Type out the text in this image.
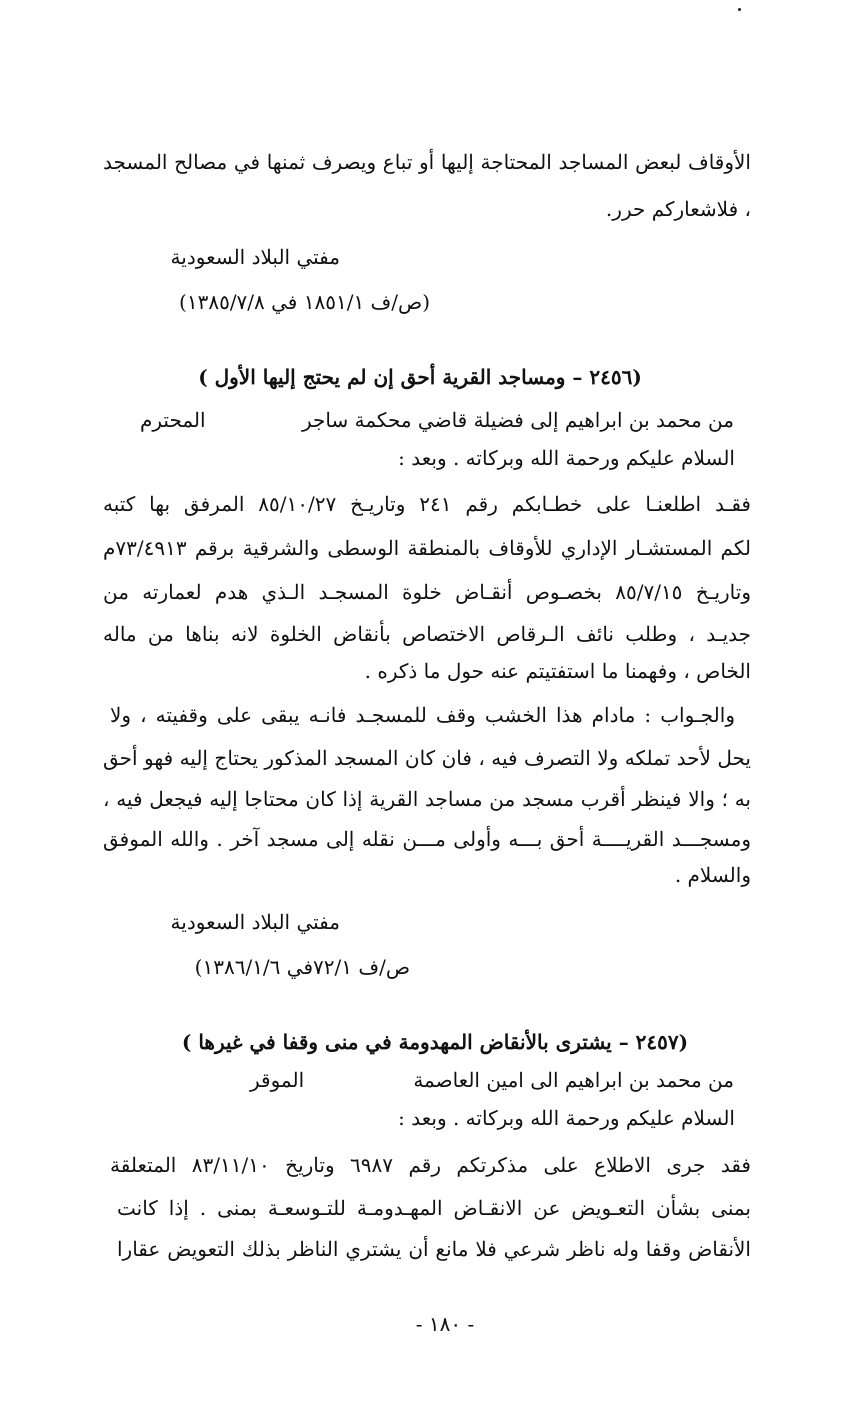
الأوقاف لبعض المساجد المحتاجة إليها أو تباع ويصرف ثمنها في مصالح المسجد
، فلاشعاركم حرر.
مفتي البلاد السعودية
(ص/ف ١٨٥١/١ في ١٣٨٥/٧/٨)
(٢٤٥٦ – ومساجد القرية أحق إن لم يحتج إليها الأول )
من محمد بن ابراهيم إلى فضيلة قاضي محكمة ساجر
المحترم
السلام عليكم ورحمة الله وبركاته . وبعد :
فقـد اطلعنـا على خطـابكم رقم ٢٤١ وتاريـخ ٨٥/١٠/٢٧ المرفق بها كتبه
لكم المستشـار الإداري للأوقاف بالمنطقة الوسطى والشرقية برقم ٧٣/٤٩١٣م
وتاريـخ ٨٥/٧/١٥ بخصـوص أنقـاض خلوة المسجـد الـذي هدم لعمارته من
جديـد ، وطلب نائف الـرقاص الاختصاص بأنقاض الخلوة لانه بناها من ماله
الخاص ، وفهمنا ما استفتيتم عنه حول ما ذكره .
والجـواب : مادام هذا الخشب وقف للمسجـد فانـه يبقى على وقفيته ، ولا
يحل لأحد تملكه ولا التصرف فيه ، فان كان المسجد المذكور يحتاج إليه فهو أحق
به ؛ والا فينظر أقرب مسجد من مساجد القرية إذا كان محتاجا إليه فيجعل فيه ،
ومسجـــد القريــــة أحق بـــه وأولى مـــن نقله إلى مسجد آخر . والله الموفق
والسلام .
مفتي البلاد السعودية
ص/ف ٧٢/١في ١٣٨٦/١/٦)
(٢٤٥٧ – يشترى بالأنقاض المهدومة في منى وقفا في غيرها )
من محمد بن ابراهيم الى امين العاصمة
الموقر
السلام عليكم ورحمة الله وبركاته . وبعد :
فقد جرى الاطلاع على مذكرتكم رقم ٦٩٨٧ وتاريخ ٨٣/١١/١٠ المتعلقة
بمنى بشأن التعـويض عن الانقـاض المهـدومـة للتـوسعـة بمنى . إذا كانت
الأنقاض وقفا وله ناظر شرعي فلا مانع أن يشتري الناظر بذلك التعويض عقارا
- ١٨٠ -
